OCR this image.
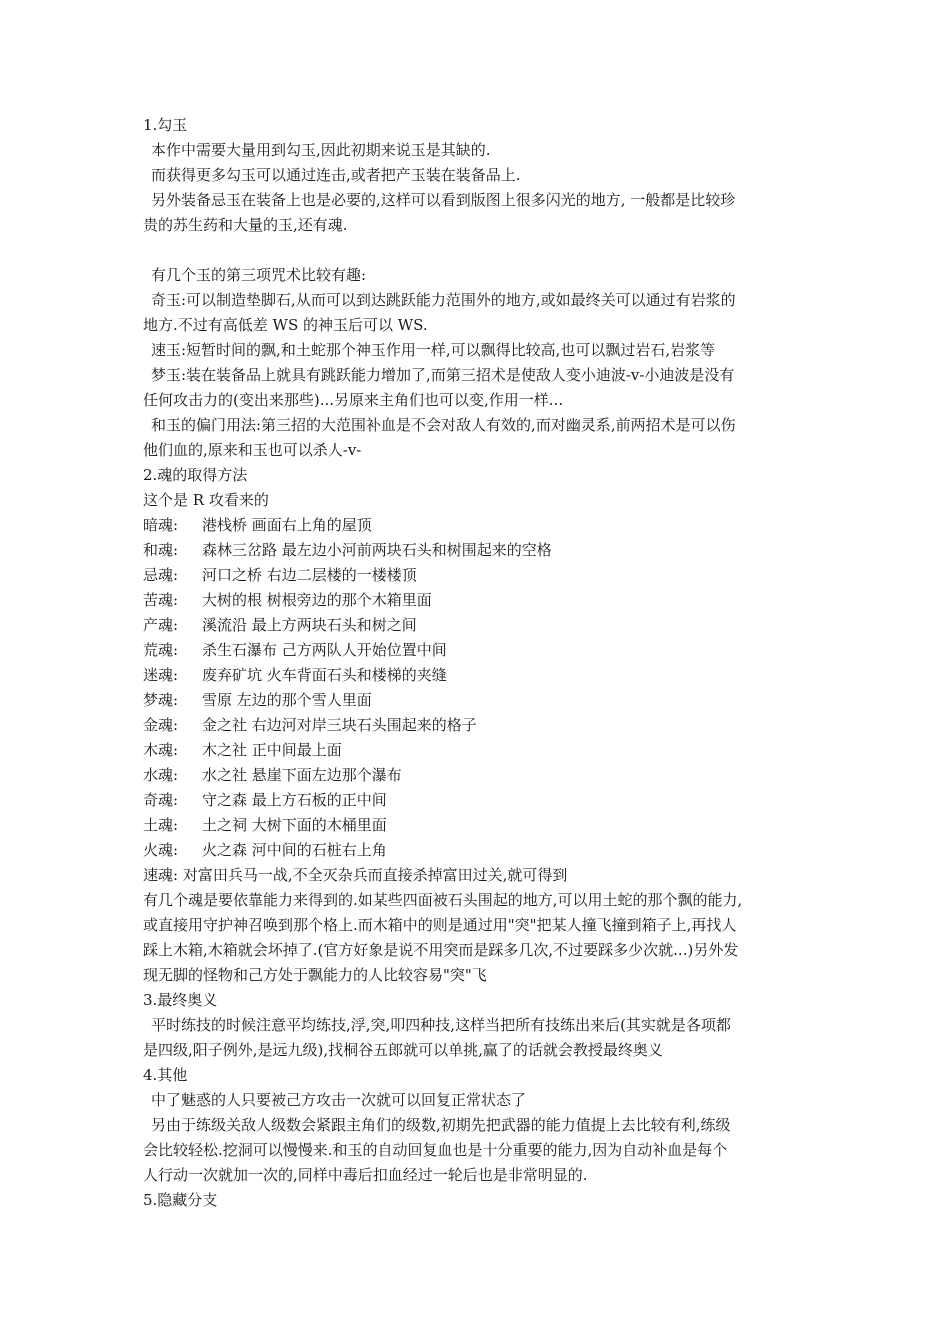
1.勾玉
本作中需要大量用到勾玉,因此初期来说玉是其缺的.
而获得更多勾玉可以通过连击,或者把产玉装在装备品上.
另外装备忌玉在装备上也是必要的,这样可以看到版图上很多闪光的地方, 一般都是比较珍
贵的苏生药和大量的玉,还有魂.
有几个玉的第三项咒术比较有趣:
奇玉:可以制造垫脚石,从而可以到达跳跃能力范围外的地方,或如最终关可以通过有岩浆的
地方.不过有高低差 WS 的神玉后可以 WS.
速玉:短暂时间的飘,和土蛇那个神玉作用一样,可以飘得比较高,也可以飘过岩石,岩浆等
梦玉:装在装备品上就具有跳跃能力增加了,而第三招术是使敌人变小迪波-v-小迪波是没有
任何攻击力的(变出来那些)...另原来主角们也可以变,作用一样...
和玉的偏门用法:第三招的大范围补血是不会对敌人有效的,而对幽灵系,前两招术是可以伤
他们血的,原来和玉也可以杀人-v-
2.魂的取得方法
这个是 R 攻看来的
暗魂:	港栈桥 画面右上角的屋顶
和魂:	森林三岔路 最左边小河前两块石头和树围起来的空格
忌魂:	河口之桥 右边二层楼的一楼楼顶
苦魂:	大树的根 树根旁边的那个木箱里面
产魂:	溪流沿 最上方两块石头和树之间
荒魂:	杀生石瀑布 己方两队人开始位置中间
迷魂:	废弃矿坑 火车背面石头和楼梯的夹缝
梦魂:	雪原 左边的那个雪人里面
金魂:	金之社 右边河对岸三块石头围起来的格子
木魂:	木之社 正中间最上面
水魂:	水之社 悬崖下面左边那个瀑布
奇魂:	守之森 最上方石板的正中间
土魂:	土之祠 大树下面的木桶里面
火魂:	火之森 河中间的石桩右上角
速魂: 对富田兵马一战,不全灭杂兵而直接杀掉富田过关,就可得到
有几个魂是要依靠能力来得到的.如某些四面被石头围起的地方,可以用土蛇的那个飘的能力,
或直接用守护神召唤到那个格上.而木箱中的则是通过用"突"把某人撞飞撞到箱子上,再找人
踩上木箱,木箱就会坏掉了.(官方好象是说不用突而是踩多几次,不过要踩多少次就...)另外发
现无脚的怪物和己方处于飘能力的人比较容易"突"飞
3.最终奥义
平时练技的时候注意平均练技,浮,突,叩四种技,这样当把所有技练出来后(其实就是各项都
是四级,阳子例外,是远九级),找桐谷五郎就可以单挑,赢了的话就会教授最终奥义
4.其他
中了魅惑的人只要被己方攻击一次就可以回复正常状态了
另由于练级关敌人级数会紧跟主角们的级数,初期先把武器的能力值提上去比较有利,练级
会比较轻松.挖洞可以慢慢来.和玉的自动回复血也是十分重要的能力,因为自动补血是每个
人行动一次就加一次的,同样中毒后扣血经过一轮后也是非常明显的.
5.隐藏分支
